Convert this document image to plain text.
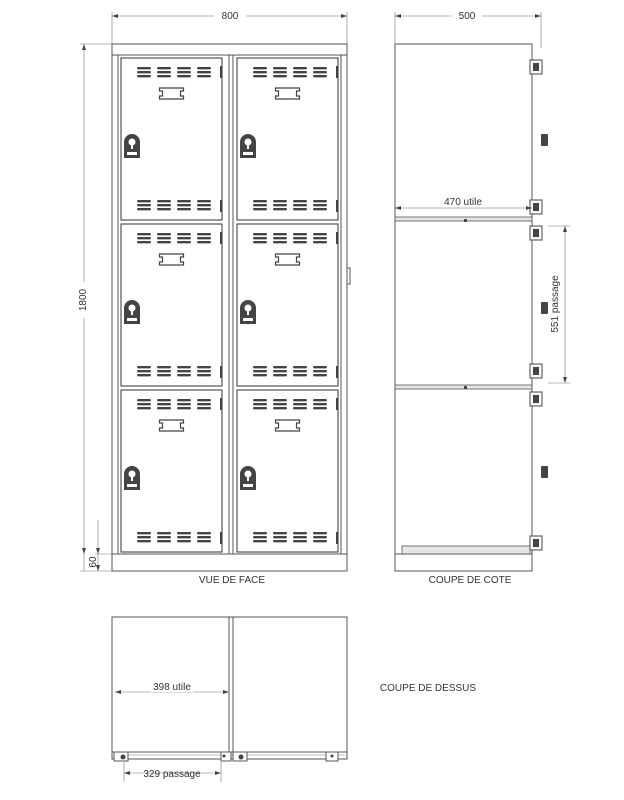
800
1800
60
VUE DE FACE
500
470 utile
551 passage
COUPE DE COTE
398 utile
329 passage
COUPE DE DESSUS
